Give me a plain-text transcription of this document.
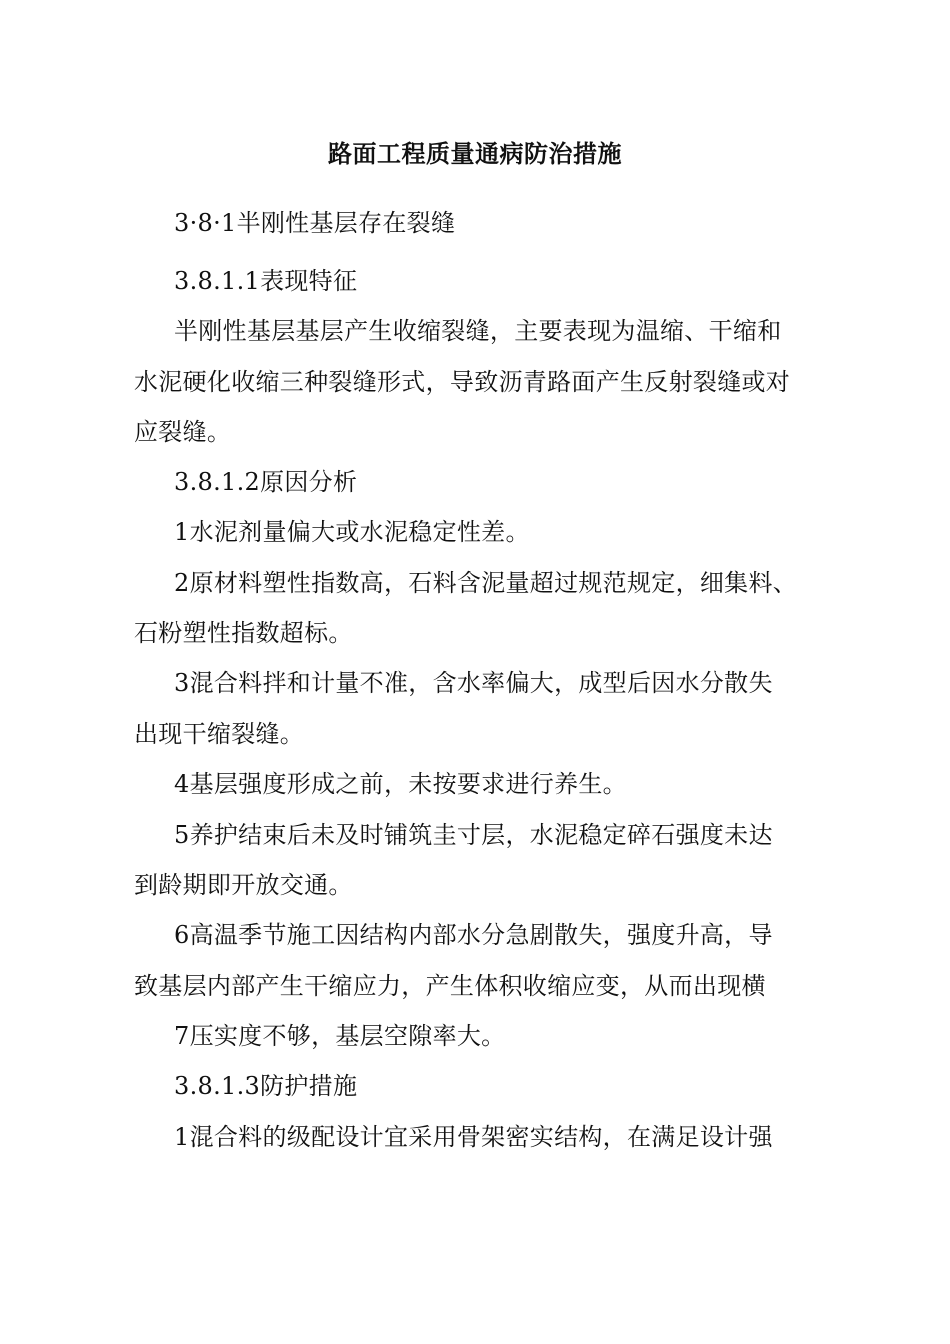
路面工程质量通病防治措施
3·8·1半刚性基层存在裂缝
3.8.1.1表现特征
半刚性基层基层产生收缩裂缝，主要表现为温缩、干缩和
水泥硬化收缩三种裂缝形式，导致沥青路面产生反射裂缝或对
应裂缝。
3.8.1.2原因分析
1水泥剂量偏大或水泥稳定性差。
2原材料塑性指数高，石料含泥量超过规范规定，细集料、
石粉塑性指数超标。
3混合料拌和计量不准，含水率偏大，成型后因水分散失
出现干缩裂缝。
4基层强度形成之前，未按要求进行养生。
5养护结束后未及时铺筑圭寸层，水泥稳定碎石强度未达
到龄期即开放交通。
6高温季节施工因结构内部水分急剧散失，强度升高，导
致基层内部产生干缩应力，产生体积收缩应变，从而出现横
7压实度不够，基层空隙率大。
3.8.1.3防护措施
1混合料的级配设计宜采用骨架密实结构，在满足设计强
